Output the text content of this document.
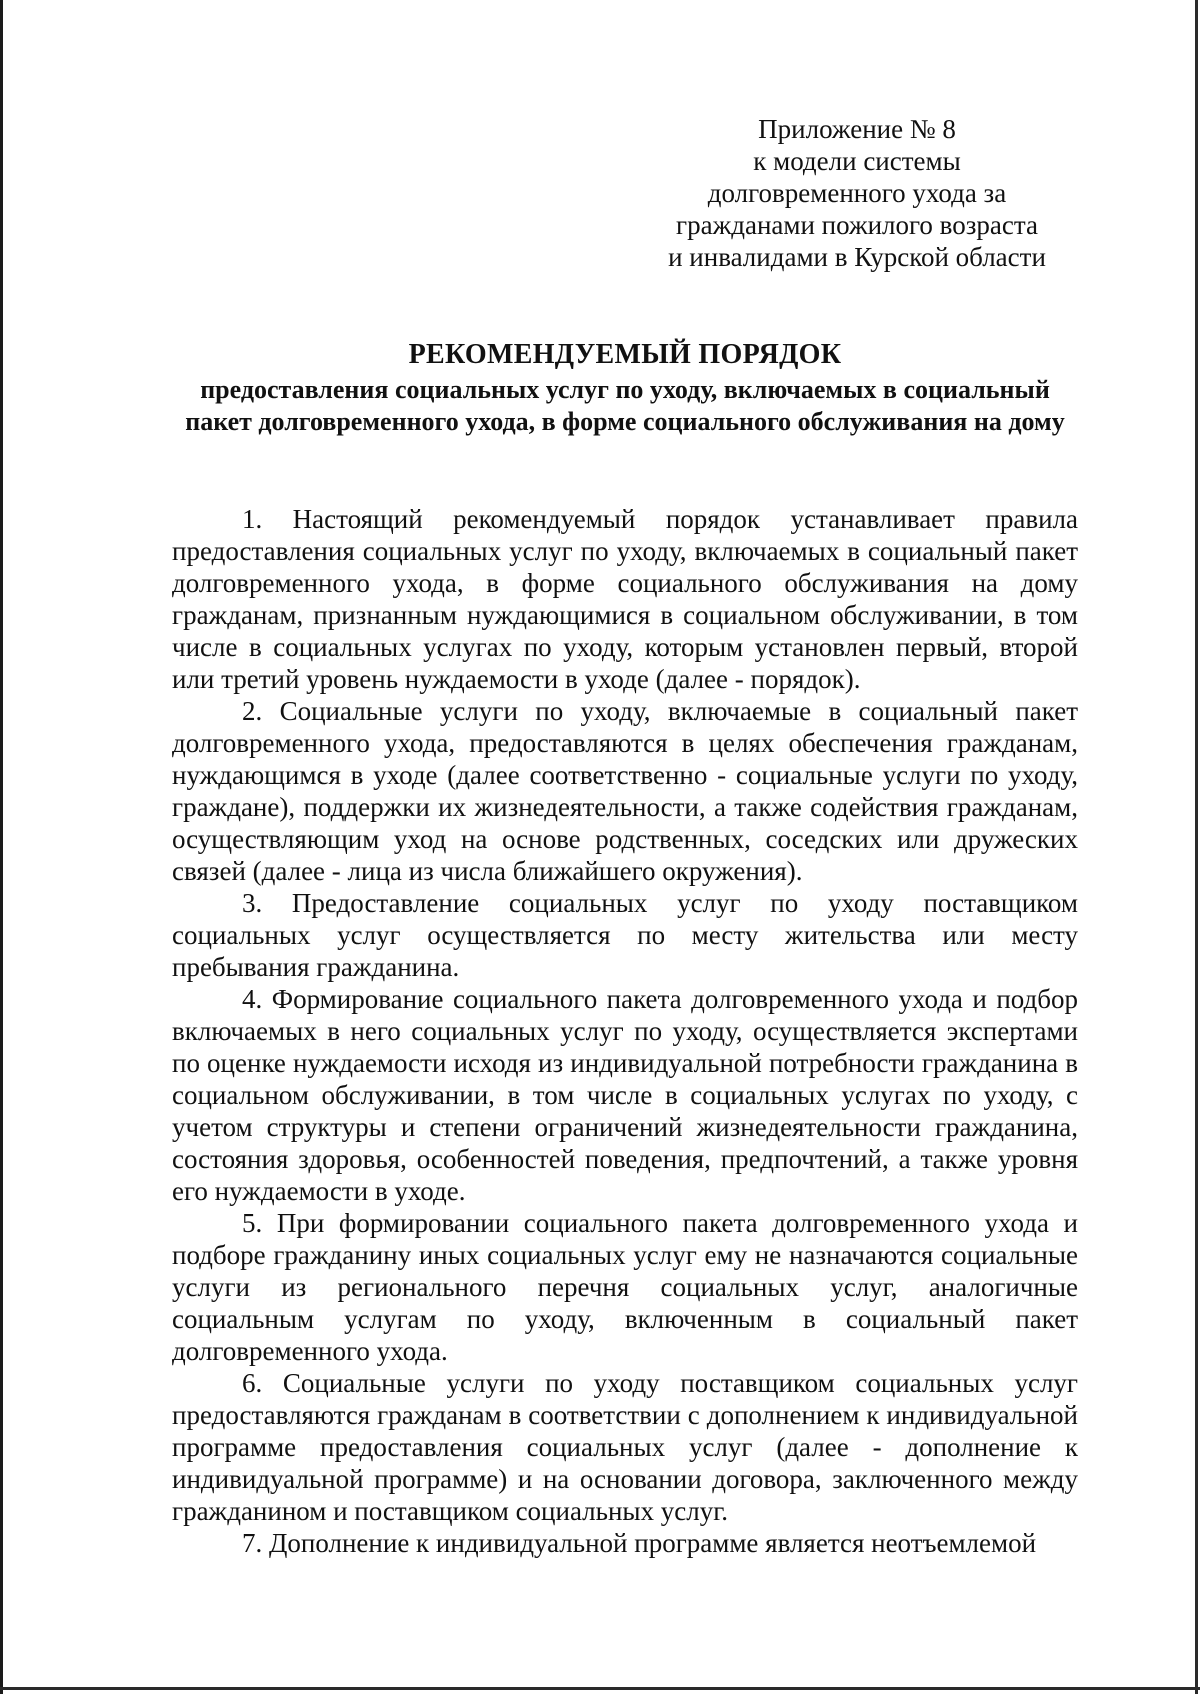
Приложение № 8
к модели системы
долговременного ухода за
гражданами пожилого возраста
и инвалидами в Курской области
РЕКОМЕНДУЕМЫЙ ПОРЯДОК
предоставления социальных услуг по уходу, включаемых в социальный пакет долговременного ухода, в форме социального обслуживания на дому

1. Настоящий рекомендуемый порядок устанавливает правила предоставления социальных услуг по уходу, включаемых в социальный пакет долговременного ухода, в форме социального обслуживания на дому гражданам, признанным нуждающимися в социальном обслуживании, в том числе в социальных услугах по уходу, которым установлен первый, второй или третий уровень нуждаемости в уходе (далее - порядок).

2. Социальные услуги по уходу, включаемые в социальный пакет долговременного ухода, предоставляются в целях обеспечения гражданам, нуждающимся в уходе (далее соответственно - социальные услуги по уходу, граждане), поддержки их жизнедеятельности, а также содействия гражданам, осуществляющим уход на основе родственных, соседских или дружеских связей (далее - лица из числа ближайшего окружения).

3. Предоставление социальных услуг по уходу поставщиком социальных услуг осуществляется по месту жительства или месту пребывания гражданина.

4. Формирование социального пакета долговременного ухода и подбор включаемых в него социальных услуг по уходу, осуществляется экспертами по оценке нуждаемости исходя из индивидуальной потребности гражданина в социальном обслуживании, в том числе в социальных услугах по уходу, с учетом структуры и степени ограничений жизнедеятельности гражданина, состояния здоровья, особенностей поведения, предпочтений, а также уровня его нуждаемости в уходе.

5. При формировании социального пакета долговременного ухода и подборе гражданину иных социальных услуг ему не назначаются социальные услуги из регионального перечня социальных услуг, аналогичные социальным услугам по уходу, включенным в социальный пакет долговременного ухода.

6. Социальные услуги по уходу поставщиком социальных услуг предоставляются гражданам в соответствии с дополнением к индивидуальной программе предоставления социальных услуг (далее - дополнение к индивидуальной программе) и на основании договора, заключенного между гражданином и поставщиком социальных услуг.

7. Дополнение к индивидуальной программе является неотъемлемой
